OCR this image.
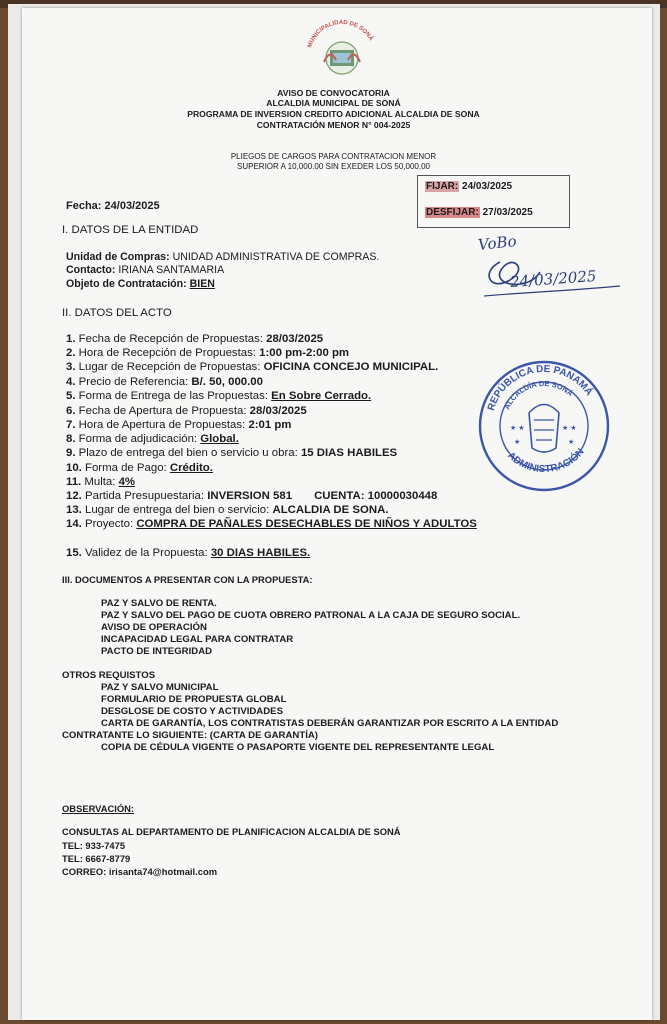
MUNICIPALIDAD DE SONÁ
AVISO DE CONVOCATORIA
ALCALDIA MUNICIPAL DE SONÁ
PROGRAMA DE INVERSION CREDITO ADICIONAL ALCALDIA DE SONA
CONTRATACIÓN MENOR N° 004-2025
PLIEGOS DE CARGOS PARA CONTRATACION MENOR
SUPERIOR A 10,000.00 SIN EXEDER LOS 50,000.00
FIJAR: 24/03/2025
DESFIJAR: 27/03/2025
Fecha: 24/03/2025
I. DATOS DE LA ENTIDAD
Unidad de Compras: UNIDAD ADMINISTRATIVA DE COMPRAS.
Contacto: IRIANA SANTAMARIA
Objeto de Contratación: BIEN
VoBo
24/03/2025
II. DATOS DEL ACTO
1. Fecha de Recepción de Propuestas: 28/03/2025
2. Hora de Recepción de Propuestas: 1:00 pm-2:00 pm
3. Lugar de Recepción de Propuestas: OFICINA CONCEJO MUNICIPAL.
4. Precio de Referencia: B/. 50, 000.00
5. Forma de Entrega de las Propuestas: En Sobre Cerrado.
6. Fecha de Apertura de Propuesta: 28/03/2025
7. Hora de Apertura de Propuestas: 2:01 pm
8. Forma de adjudicación: Global.
9. Plazo de entrega del bien o servicio u obra: 15 DIAS HABILES
10. Forma de Pago: Crédito.
11. Multa: 4%
12. Partida Presupuestaria: INVERSION 581 CUENTA: 10000030448
13. Lugar de entrega del bien o servicio: ALCALDIA DE SONA.
14. Proyecto: COMPRA DE PAÑALES DESECHABLES DE NIÑOS Y ADULTOS
15. Validez de la Propuesta: 30 DIAS HABILES.
REPÚBLICA DE PANAMÁ
ALCALDÍA DE SONÁ
ADMINISTRACIÓN
★ ★	★ ★
★	★
III. DOCUMENTOS A PRESENTAR CON LA PROPUESTA:
PAZ Y SALVO DE RENTA.
PAZ Y SALVO DEL PAGO DE CUOTA OBRERO PATRONAL A LA CAJA DE SEGURO SOCIAL.
AVISO DE OPERACIÓN
INCAPACIDAD LEGAL PARA CONTRATAR
PACTO DE INTEGRIDAD
OTROS REQUISTOS
PAZ Y SALVO MUNICIPAL
FORMULARIO DE PROPUESTA GLOBAL
DESGLOSE DE COSTO Y ACTIVIDADES
CARTA DE GARANTÍA, LOS CONTRATISTAS DEBERÁN GARANTIZAR POR ESCRITO A LA ENTIDAD
CONTRATANTE LO SIGUIENTE: (CARTA DE GARANTÍA)
COPIA DE CÉDULA VIGENTE O PASAPORTE VIGENTE DEL REPRESENTANTE LEGAL
OBSERVACIÓN:
CONSULTAS AL DEPARTAMENTO DE PLANIFICACION ALCALDIA DE SONÁ
TEL: 933-7475
TEL: 6667-8779
CORREO: irisanta74@hotmail.com
